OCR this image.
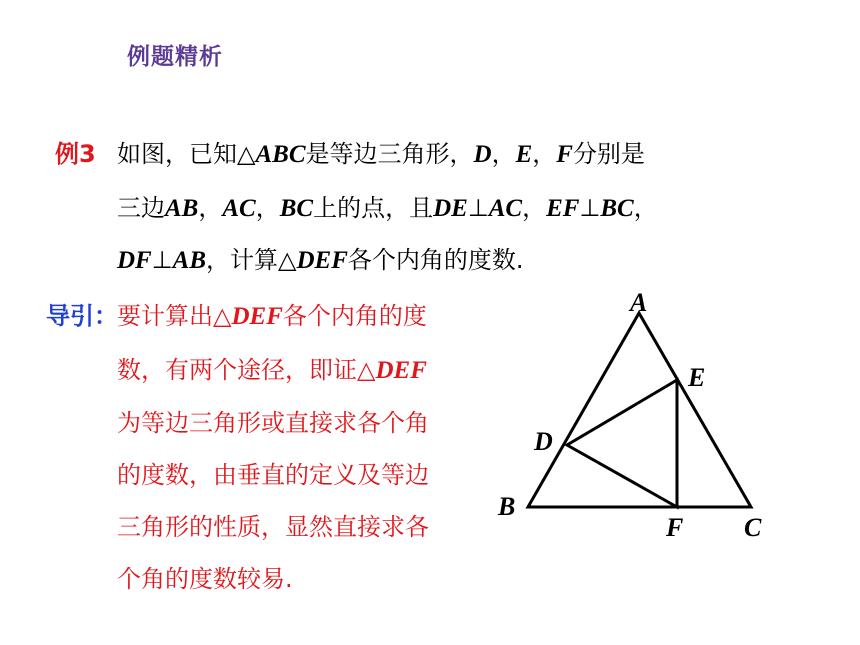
例题精析
例3 如图，已知△ABC是等边三角形，D，E，F分别是
三边AB，AC，BC上的点，且DE⊥AC，EF⊥BC，
DF⊥AB，计算△DEF各个内角的度数.
导引： 要计算出△DEF各个内角的度
数，有两个途径，即证△DEF
为等边三角形或直接求各个角
的度数，由垂直的定义及等边
三角形的性质，显然直接求各
个角的度数较易.
A
B
C
D
E
F
